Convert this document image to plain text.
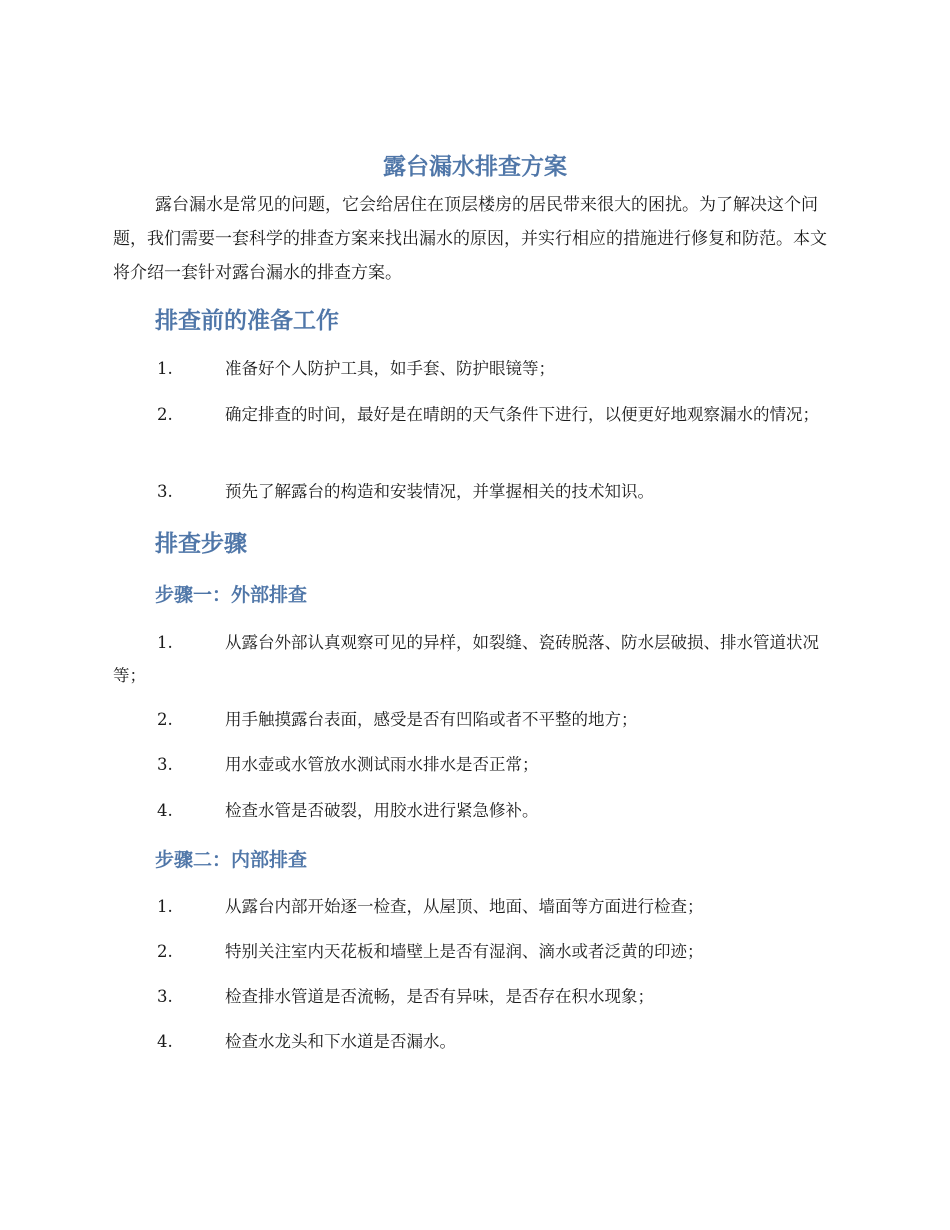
露台漏水排查方案

露台漏水是常见的问题，它会给居住在顶层楼房的居民带来很大的困扰。为了解决这个问题，我们需要一套科学的排查方案来找出漏水的原因，并实行相应的措施进行修复和防范。本文将介绍一套针对露台漏水的排查方案。

排查前的准备工作

1.	准备好个人防护工具，如手套、防护眼镜等；

2.	确定排查的时间，最好是在晴朗的天气条件下进行，以便更好地观察漏水的情况；

3.	预先了解露台的构造和安装情况，并掌握相关的技术知识。

排查步骤
步骤一：外部排查

1.	从露台外部认真观察可见的异样，如裂缝、瓷砖脱落、防水层破损、排水管道状况等；

2.	用手触摸露台表面，感受是否有凹陷或者不平整的地方；

3.	用水壶或水管放水测试雨水排水是否正常；

4.	检查水管是否破裂，用胶水进行紧急修补。

步骤二：内部排查

1.	从露台内部开始逐一检查，从屋顶、地面、墙面等方面进行检查；

2.	特别关注室内天花板和墙壁上是否有湿润、滴水或者泛黄的印迹；

3.	检查排水管道是否流畅，是否有异味，是否存在积水现象；

4.	检查水龙头和下水道是否漏水。
